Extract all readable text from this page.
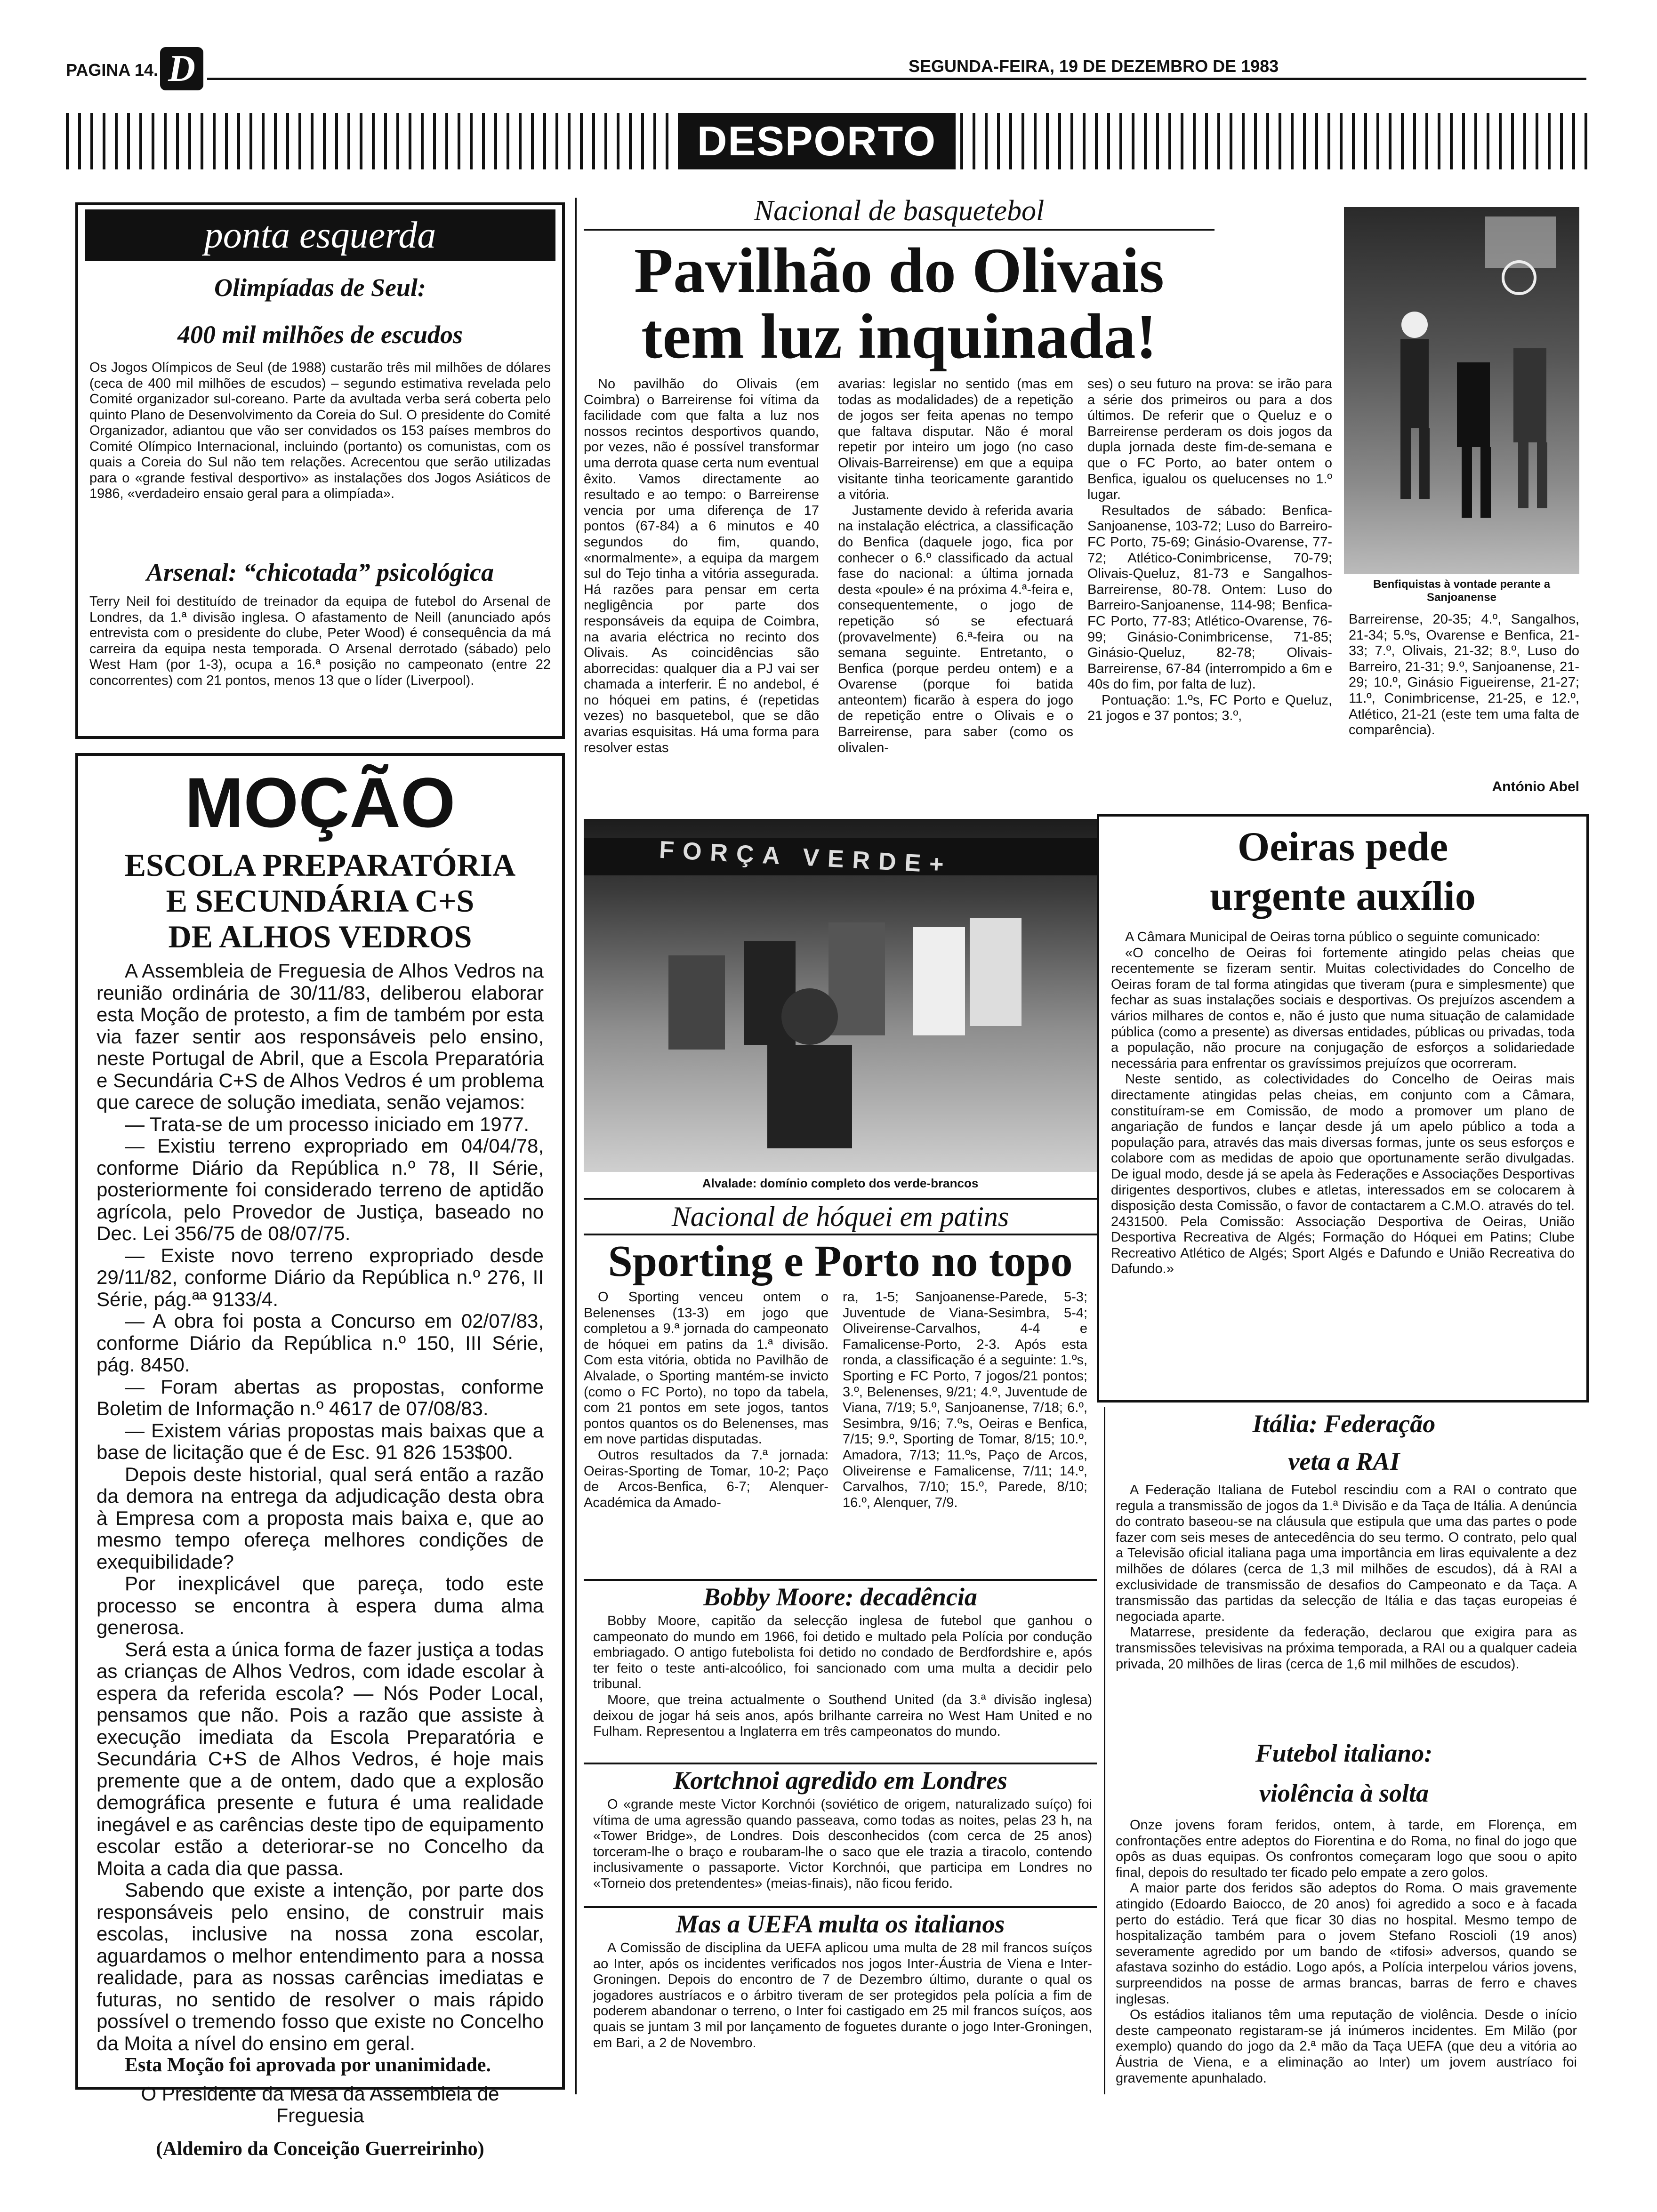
PAGINA 14. D	SEGUNDA-FEIRA, 19 DE DEZEMBRO DE 1983
DESPORTO
ponta esquerda
Olimpíadas de Seul:
400 mil milhões de escudos
Os Jogos Olímpicos de Seul (de 1988) custarão três mil milhões de dólares (ceca de 400 mil milhões de escudos) – segundo estimativa revelada pelo Comité organizador sul-coreano. Parte da avultada verba será coberta pelo quinto Plano de Desenvolvimento da Coreia do Sul. O presidente do Comité Organizador, adiantou que vão ser convidados os 153 países membros do Comité Olímpico Internacional, incluindo (portanto) os comunistas, com os quais a Coreia do Sul não tem relações. Acrecentou que serão utilizadas para o «grande festival desportivo» as instalações dos Jogos Asiáticos de 1986, «verdadeiro ensaio geral para a olimpíada».
Arsenal: “chicotada” psicológica
Terry Neil foi destituído de treinador da equipa de futebol do Arsenal de Londres, da 1.ª divisão inglesa. O afastamento de Neill (anunciado após entrevista com o presidente do clube, Peter Wood) é consequência da má carreira da equipa nesta temporada. O Arsenal derrotado (sábado) pelo West Ham (por 1-3), ocupa a 16.ª posição no campeonato (entre 22 concorrentes) com 21 pontos, menos 13 que o líder (Liverpool).
MOÇÃO
ESCOLA PREPARATÓRIA
E SECUNDÁRIA C+S
DE ALHOS VEDROS

A Assembleia de Freguesia de Alhos Vedros na reunião ordinária de 30/11/83, deliberou elaborar esta Moção de protesto, a fim de também por esta via fazer sentir aos responsáveis pelo ensino, neste Portugal de Abril, que a Escola Preparatória e Secundária C+S de Alhos Vedros é um problema que carece de solução imediata, senão vejamos:

— Trata-se de um processo iniciado em 1977.

— Existiu terreno expropriado em 04/04/78, conforme Diário da República n.º 78, II Série, posteriormente foi considerado terreno de aptidão agrícola, pelo Provedor de Justiça, baseado no Dec. Lei 356/75 de 08/07/75.

— Existe novo terreno expropriado desde 29/11/82, conforme Diário da República n.º 276, II Série, pág.ªª 9133/4.

— A obra foi posta a Concurso em 02/07/83, conforme Diário da República n.º 150, III Série, pág. 8450.

— Foram abertas as propostas, conforme Boletim de Informação n.º 4617 de 07/08/83.

— Existem várias propostas mais baixas que a base de licitação que é de Esc. 91 826 153$00.

Depois deste historial, qual será então a razão da demora na entrega da adjudicação desta obra à Empresa com a proposta mais baixa e, que ao mesmo tempo ofereça melhores condições de exequibilidade?

Por inexplicável que pareça, todo este processo se encontra à espera duma alma generosa.

Será esta a única forma de fazer justiça a todas as crianças de Alhos Vedros, com idade escolar à espera da referida escola? — Nós Poder Local, pensamos que não. Pois a razão que assiste à execução imediata da Escola Preparatória e Secundária C+S de Alhos Vedros, é hoje mais premente que a de ontem, dado que a explosão demográfica presente e futura é uma realidade inegável e as carências deste tipo de equipamento escolar estão a deteriorar-se no Concelho da Moita a cada dia que passa.

Sabendo que existe a intenção, por parte dos responsáveis pelo ensino, de construir mais escolas, inclusive na nossa zona escolar, aguardamos o melhor entendimento para a nossa realidade, para as nossas carências imediatas e futuras, no sentido de resolver o mais rápido possível o tremendo fosso que existe no Concelho da Moita a nível do ensino em geral.

Esta Moção foi aprovada por unanimidade.

O Presidente da Mesa da Assembleia de Freguesia

(Aldemiro da Conceição Guerreirinho)

Nacional de basquetebol
Pavilhão do Olivais
tem luz inquinada!
No pavilhão do Olivais (em Coimbra) o Barreirense foi vítima da facilidade com que falta a luz nos nossos recintos desportivos quando, por vezes, não é possível transformar uma derrota quase certa num eventual êxito. Vamos directamente ao resultado e ao tempo: o Barreirense vencia por uma diferença de 17 pontos (67-84) a 6 minutos e 40 segundos do fim, quando, «normalmente», a equipa da margem sul do Tejo tinha a vitória assegurada. Há razões para pensar em certa negligência por parte dos responsáveis da equipa de Coimbra, na avaria eléctrica no recinto dos Olivais. As coincidências são aborrecidas: qualquer dia a PJ vai ser chamada a interferir. É no andebol, é no hóquei em patins, é (repetidas vezes) no basquetebol, que se dão avarias esquisitas. Há uma forma para resolver estas

avarias: legislar no sentido (mas em todas as modalidades) de a repetição de jogos ser feita apenas no tempo que faltava disputar. Não é moral repetir por inteiro um jogo (no caso Olivais-Barreirense) em que a equipa visitante tinha teoricamente garantido a vitória.

Justamente devido à referida avaria na instalação eléctrica, a classificação do Benfica (daquele jogo, fica por conhecer o 6.º classificado da actual fase do nacional: a última jornada desta «poule» é na próxima 4.ª-feira e, consequentemente, o jogo de repetição só se efectuará (provavelmente) 6.ª-feira ou na semana seguinte. Entretanto, o Benfica (porque perdeu ontem) e a Ovarense (porque foi batida anteontem) ficarão à espera do jogo de repetição entre o Olivais e o Barreirense, para saber (como os olivalen-

ses) o seu futuro na prova: se irão para a série dos primeiros ou para a dos últimos. De referir que o Queluz e o Barreirense perderam os dois jogos da dupla jornada deste fim-de-semana e que o FC Porto, ao bater ontem o Benfica, igualou os quelucenses no 1.º lugar.

Resultados de sábado: Benfica-Sanjoanense, 103-72; Luso do Barreiro-FC Porto, 75-69; Ginásio-Ovarense, 77-72; Atlético-Conimbricense, 70-79; Olivais-Queluz, 81-73 e Sangalhos-Barreirense, 80-78. Ontem: Luso do Barreiro-Sanjoanense, 114-98; Benfica-FC Porto, 77-83; Atlético-Ovarense, 76-99; Ginásio-Conimbricense, 71-85; Ginásio-Queluz, 82-78; Olivais-Barreirense, 67-84 (interrompido a 6m e 40s do fim, por falta de luz).

Pontuação: 1.ºs, FC Porto e Queluz, 21 jogos e 37 pontos; 3.º,

Benfiquistas à vontade perante a Sanjoanense
Barreirense, 20-35; 4.º, Sangalhos, 21-34; 5.ºs, Ovarense e Benfica, 21-33; 7.º, Olivais, 21-32; 8.º, Luso do Barreiro, 21-31; 9.º, Sanjoanense, 21-29; 10.º, Ginásio Figueirense, 21-27; 11.º, Conimbricense, 21-25, e 12.º, Atlético, 21-21 (este tem uma falta de comparência).
António Abel
FORÇA VERDE+
Alvalade: domínio completo dos verde-brancos
Nacional de hóquei em patins
Sporting e Porto no topo

O Sporting venceu ontem o Belenenses (13-3) em jogo que completou a 9.ª jornada do campeonato de hóquei em patins da 1.ª divisão. Com esta vitória, obtida no Pavilhão de Alvalade, o Sporting mantém-se invicto (como o FC Porto), no topo da tabela, com 21 pontos em sete jogos, tantos pontos quantos os do Belenenses, mas em nove partidas disputadas.

Outros resultados da 7.ª jornada: Oeiras-Sporting de Tomar, 10-2; Paço de Arcos-Benfica, 6-7; Alenquer-Académica da Amado-

ra, 1-5; Sanjoanense-Parede, 5-3; Juventude de Viana-Sesimbra, 5-4; Oliveirense-Carvalhos, 4-4 e Famalicense-Porto, 2-3. Após esta ronda, a classificação é a seguinte: 1.ºs, Sporting e FC Porto, 7 jogos/21 pontos; 3.º, Belenenses, 9/21; 4.º, Juventude de Viana, 7/19; 5.º, Sanjoanense, 7/18; 6.º, Sesimbra, 9/16; 7.ºs, Oeiras e Benfica, 7/15; 9.º, Sporting de Tomar, 8/15; 10.º, Amadora, 7/13; 11.ºs, Paço de Arcos, Oliveirense e Famalicense, 7/11; 14.º, Carvalhos, 7/10; 15.º, Parede, 8/10; 16.º, Alenquer, 7/9.
Bobby Moore: decadência

Bobby Moore, capitão da selecção inglesa de futebol que ganhou o campeonato do mundo em 1966, foi detido e multado pela Polícia por condução embriagado. O antigo futebolista foi detido no condado de Berdfordshire e, após ter feito o teste anti-alcoólico, foi sancionado com uma multa a decidir pelo tribunal.

Moore, que treina actualmente o Southend United (da 3.ª divisão inglesa) deixou de jogar há seis anos, após brilhante carreira no West Ham United e no Fulham. Representou a Inglaterra em três campeonatos do mundo.

Kortchnoi agredido em Londres
O «grande meste Victor Korchnói (soviético de origem, naturalizado suíço) foi vítima de uma agressão quando passeava, como todas as noites, pelas 23 h, na «Tower Bridge», de Londres. Dois desconhecidos (com cerca de 25 anos) torceram-lhe o braço e roubaram-lhe o saco que ele trazia a tiracolo, contendo inclusivamente o passaporte. Victor Korchnói, que participa em Londres no «Torneio dos pretendentes» (meias-finais), não ficou ferido.
Mas a UEFA multa os italianos
A Comissão de disciplina da UEFA aplicou uma multa de 28 mil francos suíços ao Inter, após os incidentes verificados nos jogos Inter-Áustria de Viena e Inter-Groningen. Depois do encontro de 7 de Dezembro último, durante o qual os jogadores austríacos e o árbitro tiveram de ser protegidos pela polícia a fim de poderem abandonar o terreno, o Inter foi castigado em 25 mil francos suíços, aos quais se juntam 3 mil por lançamento de foguetes durante o jogo Inter-Groningen, em Bari, a 2 de Novembro.
Oeiras pede
urgente auxílio

A Câmara Municipal de Oeiras torna público o seguinte comunicado:

«O concelho de Oeiras foi fortemente atingido pelas cheias que recentemente se fizeram sentir. Muitas colectividades do Concelho de Oeiras foram de tal forma atingidas que tiveram (pura e simplesmente) que fechar as suas instalações sociais e desportivas. Os prejuízos ascendem a vários milhares de contos e, não é justo que numa situação de calamidade pública (como a presente) as diversas entidades, públicas ou privadas, toda a população, não procure na conjugação de esforços a solidariedade necessária para enfrentar os gravíssimos prejuízos que ocorreram.

Neste sentido, as colectividades do Concelho de Oeiras mais directamente atingidas pelas cheias, em conjunto com a Câmara, constituíram-se em Comissão, de modo a promover um plano de angariação de fundos e lançar desde já um apelo público a toda a população para, através das mais diversas formas, junte os seus esforços e colabore com as medidas de apoio que oportunamente serão divulgadas. De igual modo, desde já se apela às Federações e Associações Desportivas dirigentes desportivos, clubes e atletas, interessados em se colocarem à disposição desta Comissão, o favor de contactarem a C.M.O. através do tel. 2431500. Pela Comissão: Associação Desportiva de Oeiras, União Desportiva Recreativa de Algés; Formação do Hóquei em Patins; Clube Recreativo Atlético de Algés; Sport Algés e Dafundo e União Recreativa do Dafundo.»

Itália: Federação
veta a RAI

A Federação Italiana de Futebol rescindiu com a RAI o contrato que regula a transmissão de jogos da 1.ª Divisão e da Taça de Itália. A denúncia do contrato baseou-se na cláusula que estipula que uma das partes o pode fazer com seis meses de antecedência do seu termo. O contrato, pelo qual a Televisão oficial italiana paga uma importância em liras equivalente a dez milhões de dólares (cerca de 1,3 mil milhões de escudos), dá à RAI a exclusividade de transmissão de desafios do Campeonato e da Taça. A transmissão das partidas da selecção de Itália e das taças europeias é negociada aparte.

Matarrese, presidente da federação, declarou que exigira para as transmissões televisivas na próxima temporada, a RAI ou a qualquer cadeia privada, 20 milhões de liras (cerca de 1,6 mil milhões de escudos).

Futebol italiano:
violência à solta

Onze jovens foram feridos, ontem, à tarde, em Florença, em confrontações entre adeptos do Fiorentina e do Roma, no final do jogo que opôs as duas equipas. Os confrontos começaram logo que soou o apito final, depois do resultado ter ficado pelo empate a zero golos.

A maior parte dos feridos são adeptos do Roma. O mais gravemente atingido (Edoardo Baiocco, de 20 anos) foi agredido a soco e à facada perto do estádio. Terá que ficar 30 dias no hospital. Mesmo tempo de hospitalização também para o jovem Stefano Roscioli (19 anos) severamente agredido por um bando de «tifosi» adversos, quando se afastava sozinho do estádio. Logo após, a Polícia interpelou vários jovens, surpreendidos na posse de armas brancas, barras de ferro e chaves inglesas.

Os estádios italianos têm uma reputação de violência. Desde o início deste campeonato registaram-se já inúmeros incidentes. Em Milão (por exemplo) quando do jogo da 2.ª mão da Taça UEFA (que deu a vitória ao Áustria de Viena, e a eliminação ao Inter) um jovem austríaco foi gravemente apunhalado.
